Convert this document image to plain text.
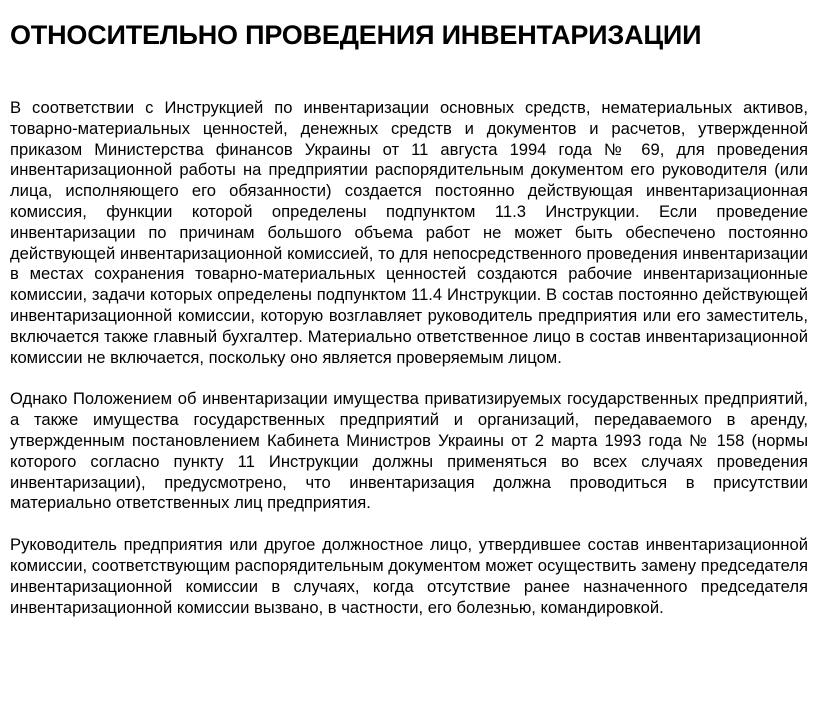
ОТНОСИТЕЛЬНО ПРОВЕДЕНИЯ ИНВЕНТАРИЗАЦИИ

В соответствии с Инструкцией по инвентаризации основных средств, нематериальных активов, товарно-материальных ценностей, денежных средств и документов и расчетов, утвержденной приказом Министерства финансов Украины от 11 августа 1994 года № 69, для проведения инвентаризационной работы на предприятии распорядительным документом его руководителя (или лица, исполняющего его обязанности) создается постоянно действующая инвентаризационная комиссия, функции которой определены подпунктом 11.3 Инструкции. Если проведение инвентаризации по причинам большого объема работ не может быть обеспечено постоянно действующей инвентаризационной комиссией, то для непосредственного проведения инвентаризации в местах сохранения товарно-материальных ценностей создаются рабочие инвентаризационные комиссии, задачи которых определены подпунктом 11.4 Инструкции. В состав постоянно действующей инвентаризационной комиссии, которую возглавляет руководитель предприятия или его заместитель, включается также главный бухгалтер. Материально ответственное лицо в состав инвентаризационной комиссии не включается, поскольку оно является проверяемым лицом.

Однако Положением об инвентаризации имущества приватизируемых государственных предприятий, а также имущества государственных предприятий и организаций, передаваемого в аренду, утвержденным постановлением Кабинета Министров Украины от 2 марта 1993 года № 158 (нормы которого согласно пункту 11 Инструкции должны применяться во всех случаях проведения инвентаризации), предусмотрено, что инвентаризация должна проводиться в присутствии материально ответственных лиц предприятия.

Руководитель предприятия или другое должностное лицо, утвердившее состав инвентаризационной комиссии, соответствующим распорядительным документом может осуществить замену председателя инвентаризационной комиссии в случаях, когда отсутствие ранее назначенного председателя инвентаризационной комиссии вызвано, в частности, его болезнью, командировкой.
